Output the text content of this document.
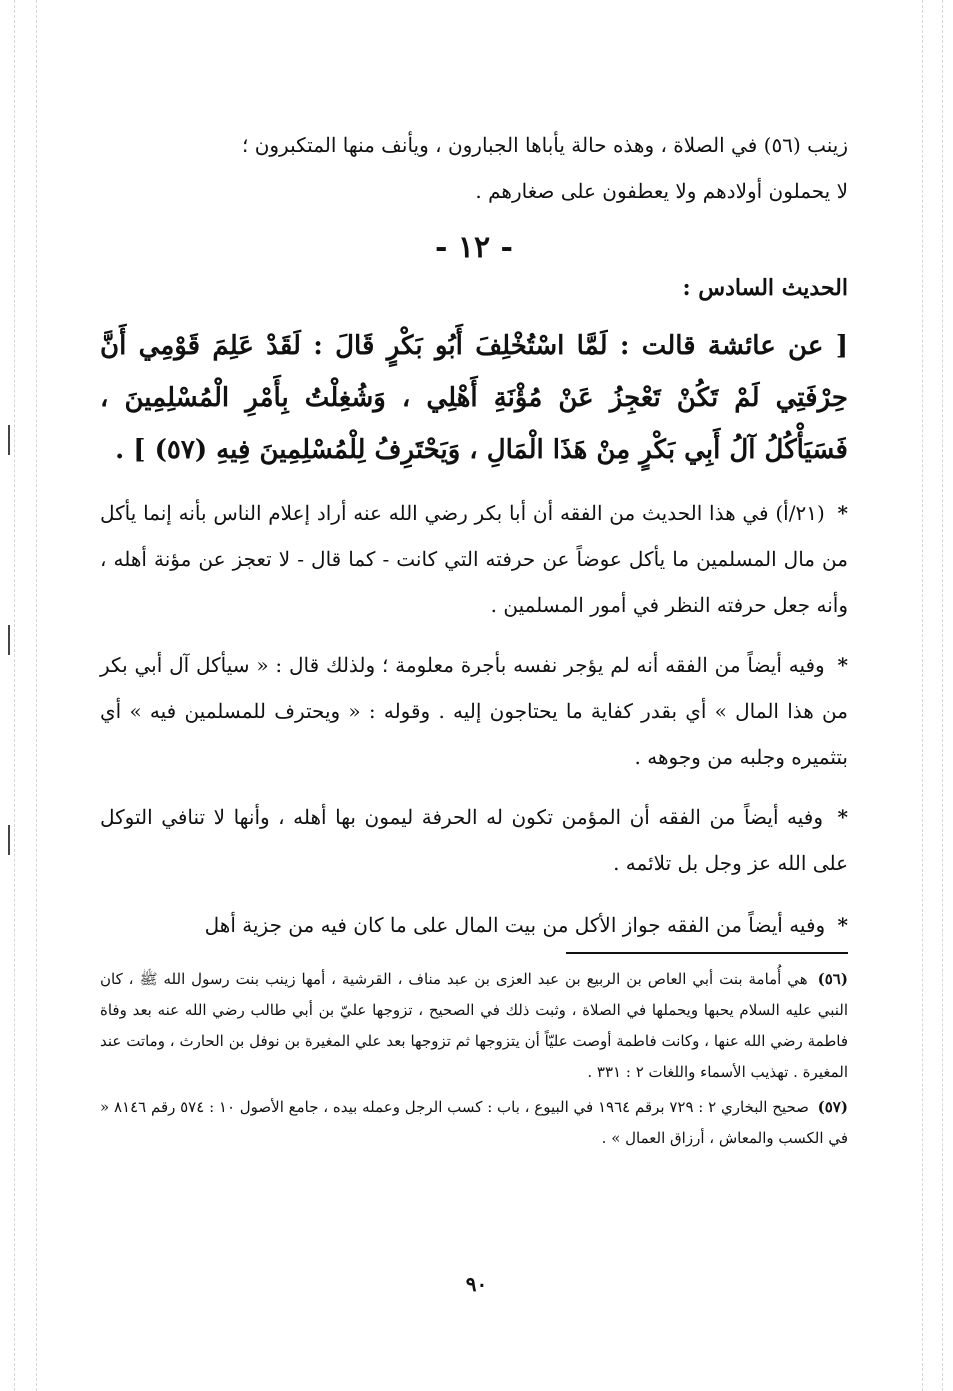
زينب (٥٦) في الصلاة ، وهذه حالة يأباها الجبارون ، ويأنف منها المتكبرون ؛

لا يحملون أولادهم ولا يعطفون على صغارهم .

- ١٢ -
الحديث السادس :

[ عن عائشة قالت : لَمَّا اسْتُخْلِفَ أَبُو بَكْرٍ قَالَ : لَقَدْ عَلِمَ قَوْمِي أَنَّ حِرْفَتِي لَمْ تَكُنْ تَعْجِزُ عَنْ مُؤْنَةِ أَهْلِي ، وَشُغِلْتُ بِأَمْرِ الْمُسْلِمِينَ ، فَسَيَأْكُلُ آلُ أَبِي بَكْرٍ مِنْ هَذَا الْمَالِ ، وَيَحْتَرِفُ لِلْمُسْلِمِينَ فِيهِ (٥٧) ] .

* (٢١/أ) في هذا الحديث من الفقه أن أبا بكر رضي الله عنه أراد إعلام الناس بأنه إنما يأكل من مال المسلمين ما يأكل عوضاً عن حرفته التي كانت - كما قال - لا تعجز عن مؤنة أهله ، وأنه جعل حرفته النظر في أمور المسلمين .

* وفيه أيضاً من الفقه أنه لم يؤجر نفسه بأجرة معلومة ؛ ولذلك قال : « سيأكل آل أبي بكر من هذا المال » أي بقدر كفاية ما يحتاجون إليه . وقوله : « ويحترف للمسلمين فيه » أي بتثميره وجلبه من وجوهه .

* وفيه أيضاً من الفقه أن المؤمن تكون له الحرفة ليمون بها أهله ، وأنها لا تنافي التوكل على الله عز وجل بل تلائمه .

* وفيه أيضاً من الفقه جواز الأكل من بيت المال على ما كان فيه من جزية أهل

(٥٦) هي أُمامة بنت أبي العاص بن الربيع بن عبد العزى بن عبد مناف ، القرشية ، أمها زينب بنت رسول الله ﷺ ، كان النبي عليه السلام يحبها ويحملها في الصلاة ، وثبت ذلك في الصحيح ، تزوجها عليّ بن أبي طالب رضي الله عنه بعد وفاة فاطمة رضي الله عنها ، وكانت فاطمة أوصت عليّاً أن يتزوجها ثم تزوجها بعد علي المغيرة بن نوفل بن الحارث ، وماتت عند المغيرة . تهذيب الأسماء واللغات ٢ : ٣٣١ .

(٥٧) صحيح البخاري ٢ : ٧٢٩ برقم ١٩٦٤ في البيوع ، باب : كسب الرجل وعمله بيده ، جامع الأصول ١٠ : ٥٧٤ رقم ٨١٤٦ « في الكسب والمعاش ، أرزاق العمال » .

٩٠
